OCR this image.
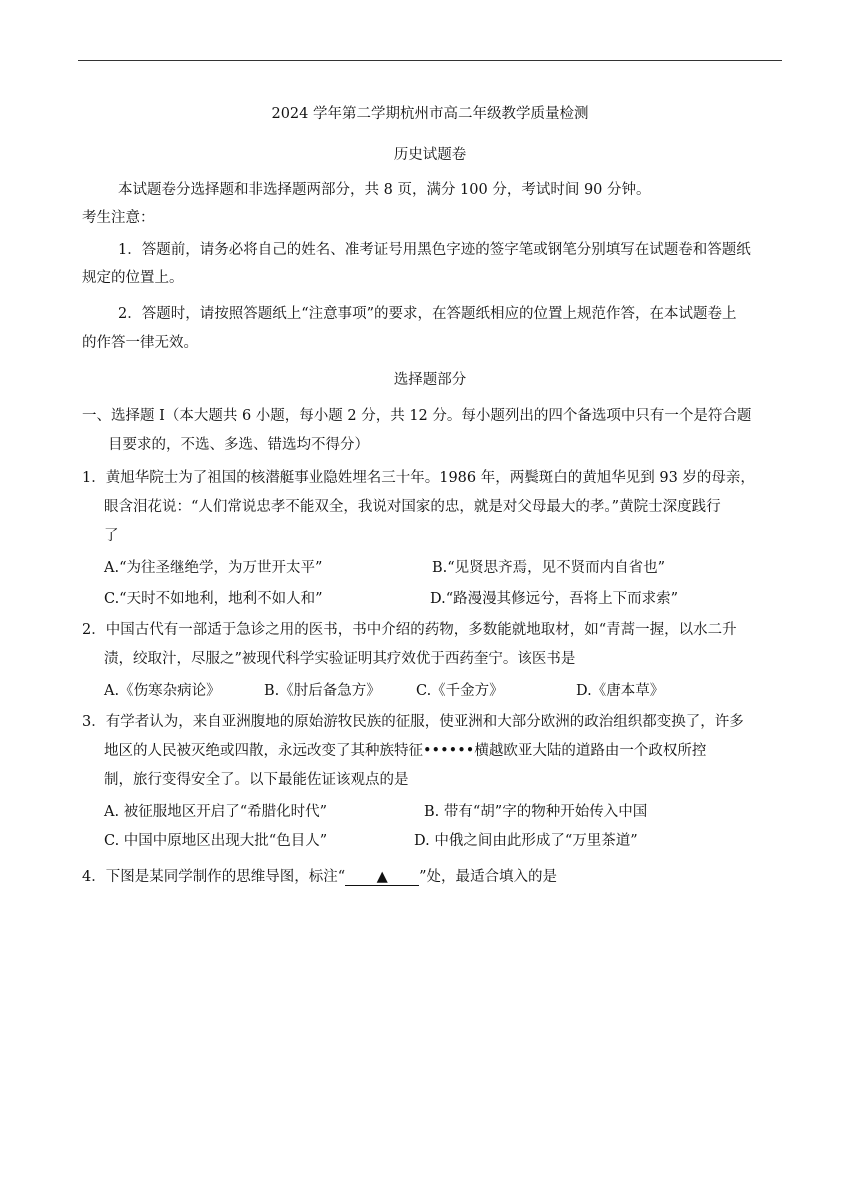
2024 学年第二学期杭州市高二年级教学质量检测
历史试题卷
本试题卷分选择题和非选择题两部分，共 8 页，满分 100 分，考试时间 90 分钟。
考生注意：
1．答题前，请务必将自己的姓名、准考证号用黑色字迹的签字笔或钢笔分别填写在试题卷和答题纸
规定的位置上。
2．答题时，请按照答题纸上“注意事项”的要求，在答题纸相应的位置上规范作答，在本试题卷上
的作答一律无效。
选择题部分
一、选择题 I（本大题共 6 小题，每小题 2 分，共 12 分。每小题列出的四个备选项中只有一个是符合题
目要求的，不选、多选、错选均不得分）
1．黄旭华院士为了祖国的核潜艇事业隐姓埋名三十年。1986 年，两鬓斑白的黄旭华见到 93 岁的母亲，
眼含泪花说：“人们常说忠孝不能双全，我说对国家的忠，就是对父母最大的孝。”黄院士深度践行
了
A.“为往圣继绝学，为万世开太平”	B.“见贤思齐焉，见不贤而内自省也”
C.“天时不如地利，地利不如人和”	D.“路漫漫其修远兮，吾将上下而求索”
2．中国古代有一部适于急诊之用的医书，书中介绍的药物，多数能就地取材，如“青蒿一握，以水二升
渍，绞取汁，尽服之”被现代科学实验证明其疗效优于西药奎宁。该医书是
A.《伤寒杂病论》	B.《肘后备急方》 C.《千金方》	D.《唐本草》
3．有学者认为，来自亚洲腹地的原始游牧民族的征服，使亚洲和大部分欧洲的政治组织都变换了，许多
地区的人民被灭绝或四散，永远改变了其种族特征••••••横越欧亚大陆的道路由一个政权所控
制，旅行变得安全了。以下最能佐证该观点的是
A. 被征服地区开启了“希腊化时代”	B. 带有“胡”字的物种开始传入中国
C. 中国中原地区出现大批“色目人”	D. 中俄之间由此形成了“万里茶道”
4．下图是某同学制作的思维导图，标注“ ▲ ”处，最适合填入的是
